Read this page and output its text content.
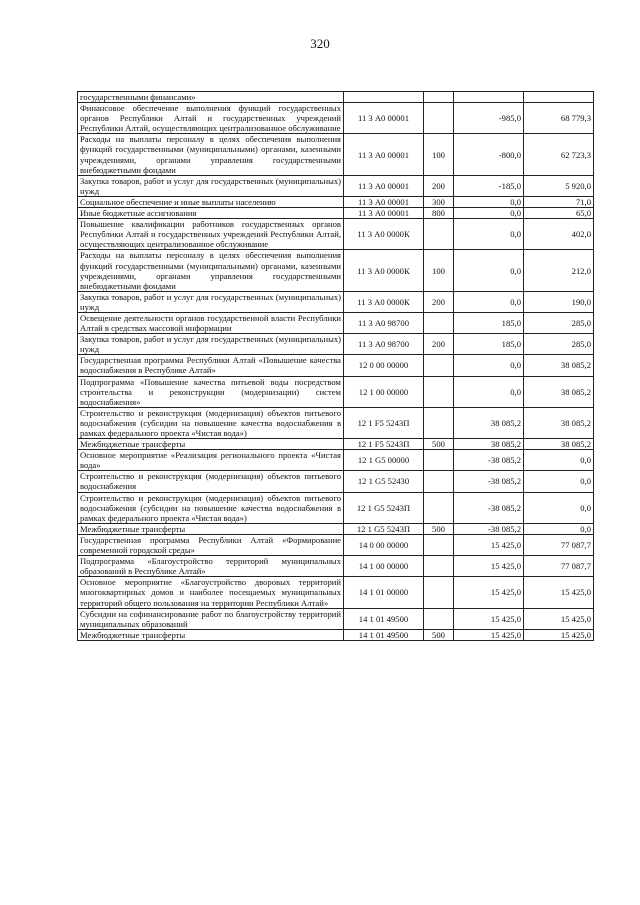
320
государственными финансами»				
Финансовое обеспечение выполнения функций государственных органов Республики Алтай и государственных учреждений Республики Алтай, осуществляющих централизованное обслуживание	11 3 А0 00001		-985,0	68 779,3
Расходы на выплаты персоналу в целях обеспечения выполнения функций государственными (муниципальными) органами, казенными учреждениями, органами управления государственными внебюджетными фондами	11 3 А0 00001	100	-800,0	62 723,3
Закупка товаров, работ и услуг для государственных (муниципальных) нужд	11 3 А0 00001	200	-185,0	5 920,0
Социальное обеспечение и иные выплаты населению	11 3 А0 00001	300	0,0	71,0
Иные бюджетные ассигнования	11 3 А0 00001	800	0,0	65,0
Повышение квалификации работников государственных органов Республики Алтай и государственных учреждений Республики Алтай, осуществляющих централизованное обслуживание	11 3 А0 0000К		0,0	402,0
Расходы на выплаты персоналу в целях обеспечения выполнения функций государственными (муниципальными) органами, казенными учреждениями, органами управления государственными внебюджетными фондами	11 3 А0 0000К	100	0,0	212,0
Закупка товаров, работ и услуг для государственных (муниципальных) нужд	11 3 А0 0000К	200	0,0	190,0
Освещение деятельности органов государственной власти Республики Алтай в средствах массовой информации	11 3 А0 98700		185,0	285,0
Закупка товаров, работ и услуг для государственных (муниципальных) нужд	11 3 А0 98700	200	185,0	285,0
Государственная программа Республики Алтай «Повышение качества водоснабжения в Республике Алтай»	12 0 00 00000		0,0	38 085,2
Подпрограмма «Повышение качества питьевой воды посредством строительства и реконструкции (модернизации) систем водоснабжения»	12 1 00 00000		0,0	38 085,2
Строительство и реконструкция (модернизация) объектов питьевого водоснабжения (субсидии на повышение качества водоснабжения в рамках федерального проекта «Чистая вода»)	12 1 F5 5243П		38 085,2	38 085,2
Межбюджетные трансферты	12 1 F5 5243П	500	38 085,2	38 085,2
Основное мероприятие «Реализация регионального проекта «Чистая вода»	12 1 G5 00000		-38 085,2	0,0
Строительство и реконструкция (модернизация) объектов питьевого водоснабжения	12 1 G5 52430		-38 085,2	0,0
Строительство и реконструкция (модернизация) объектов питьевого водоснабжения (субсидии на повышение качества водоснабжения в рамках федерального проекта «Чистая вода»)	12 1 G5 5243П		-38 085,2	0,0
Межбюджетные трансферты	12 1 G5 5243П	500	-38 085,2	0,0
Государственная программа Республики Алтай «Формирование современной городской среды»	14 0 00 00000		15 425,0	77 087,7
Подпрограмма «Благоустройство территорий муниципальных образований в Республике Алтай»	14 1 00 00000		15 425,0	77 087,7
Основное мероприятие «Благоустройство дворовых территорий многоквартирных домов и наиболее посещаемых муниципальных территорий общего пользования на территории Республики Алтай»	14 1 01 00000		15 425,0	15 425,0
Субсидии на софинансирование работ по благоустройству территорий муниципальных образований	14 1 01 49500		15 425,0	15 425,0
Межбюджетные трансферты	14 1 01 49500	500	15 425,0	15 425,0
